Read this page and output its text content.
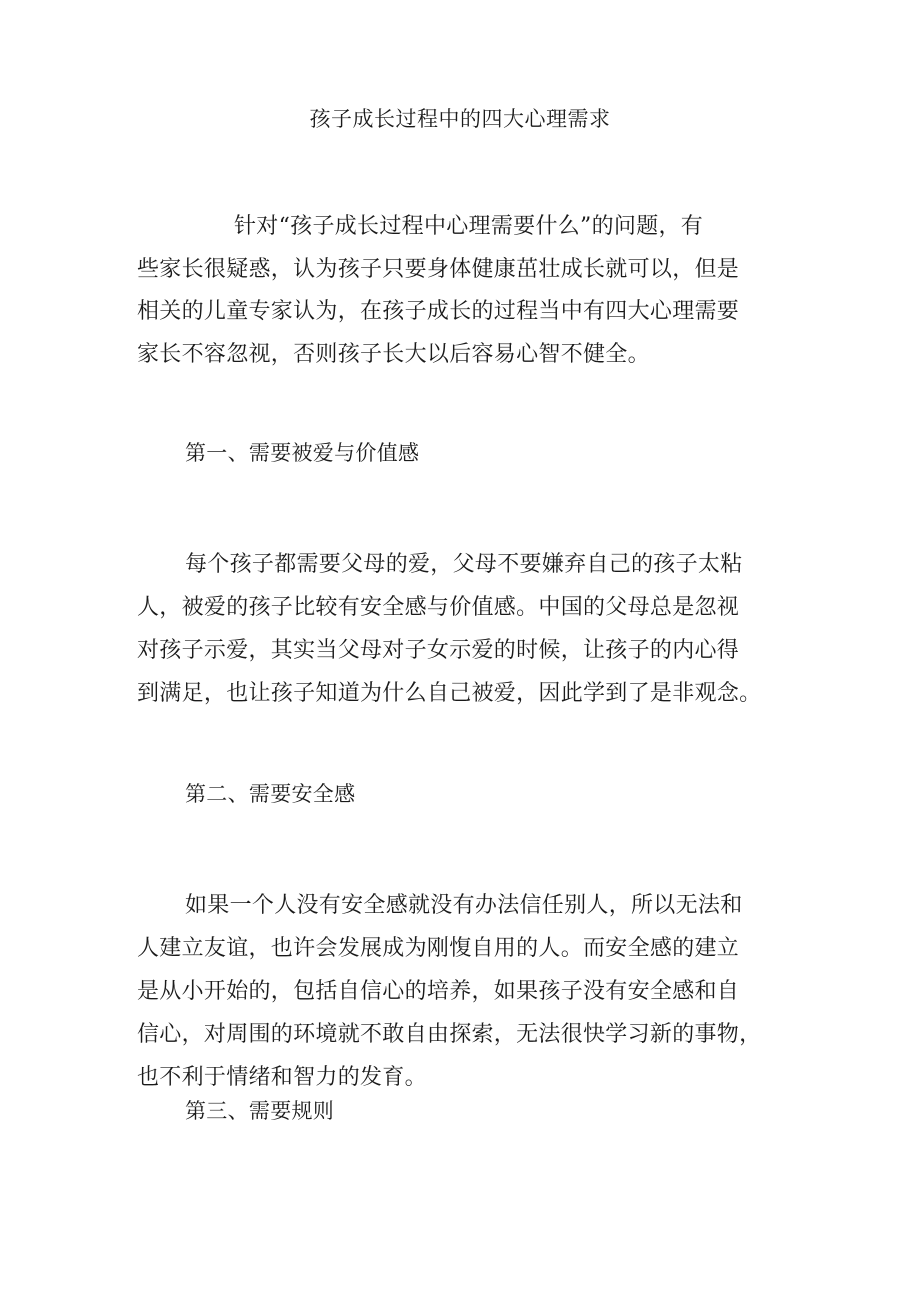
孩子成长过程中的四大心理需求
针对“孩子成长过程中心理需要什么”的问题，有
些家长很疑惑，认为孩子只要身体健康茁壮成长就可以，但是
相关的儿童专家认为，在孩子成长的过程当中有四大心理需要
家长不容忽视，否则孩子长大以后容易心智不健全。
第一、需要被爱与价值感
每个孩子都需要父母的爱，父母不要嫌弃自己的孩子太粘
人，被爱的孩子比较有安全感与价值感。中国的父母总是忽视
对孩子示爱，其实当父母对子女示爱的时候，让孩子的内心得
到满足，也让孩子知道为什么自己被爱，因此学到了是非观念。
第二、需要安全感
如果一个人没有安全感就没有办法信任别人，所以无法和
人建立友谊，也许会发展成为刚愎自用的人。而安全感的建立
是从小开始的，包括自信心的培养，如果孩子没有安全感和自
信心，对周围的环境就不敢自由探索，无法很快学习新的事物，
也不利于情绪和智力的发育。
第三、需要规则
